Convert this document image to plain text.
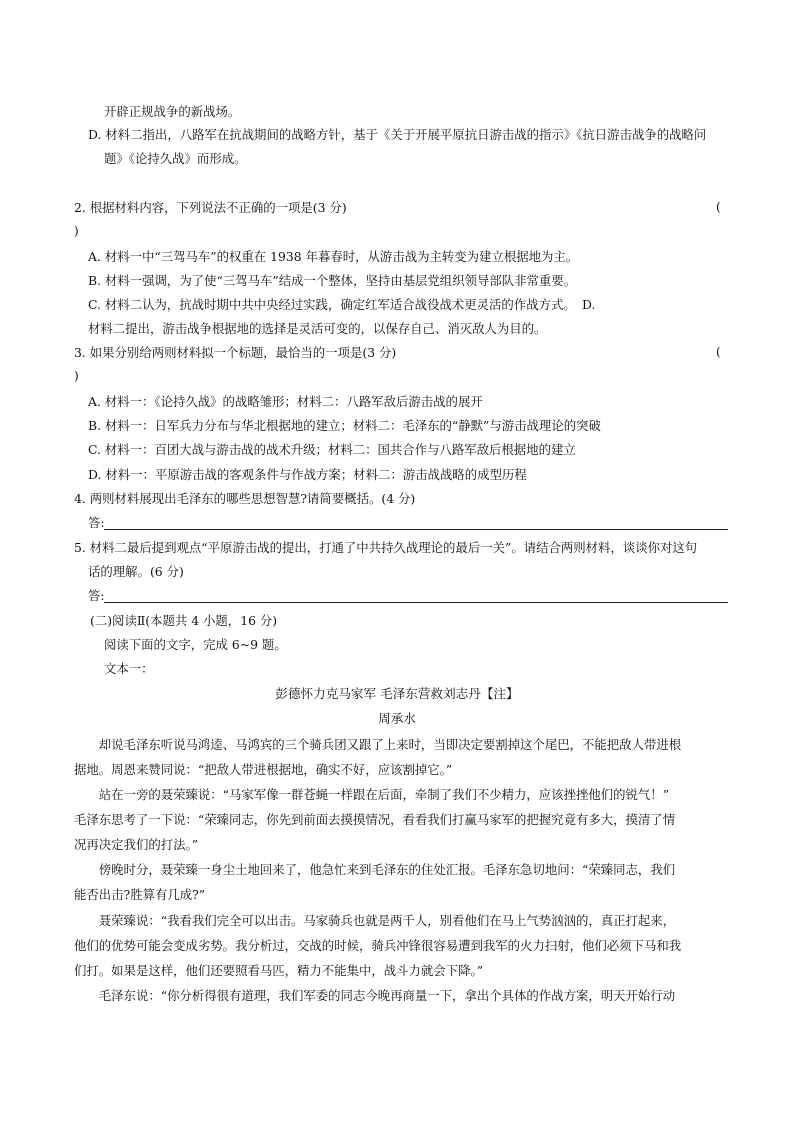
开辟正规战争的新战场。
D. 材料二指出，八路军在抗战期间的战略方针，基于《关于开展平原抗日游击战的指示》《抗日游击战争的战略问
题》《论持久战》而形成。
2. 根据材料内容，下列说法不正确的一项是(3 分)	(
)
A. 材料一中“三驾马车”的权重在 1938 年暮春时，从游击战为主转变为建立根据地为主。
B. 材料一强调，为了使“三驾马车”结成一个整体，坚持由基层党组织领导部队非常重要。
C. 材料二认为，抗战时期中共中央经过实践，确定红军适合战役战术更灵活的作战方式。　D.
材料二提出，游击战争根据地的选择是灵活可变的，以保存自己、消灭敌人为目的。
3. 如果分别给两则材料拟一个标题，最恰当的一项是(3 分)	(
)
A. 材料一：《论持久战》的战略雏形；材料二：八路军敌后游击战的展开
B. 材料一：日军兵力分布与华北根据地的建立；材料二：毛泽东的“静默”与游击战理论的突破
C. 材料一：百团大战与游击战的战术升级；材料二：国共合作与八路军敌后根据地的建立
D. 材料一：平原游击战的客观条件与作战方案；材料二：游击战战略的成型历程
4. 两则材料展现出毛泽东的哪些思想智慧?请简要概括。(4 分)
答:
5. 材料二最后提到观点“平原游击战的提出，打通了中共持久战理论的最后一关”。请结合两则材料，谈谈你对这句
话的理解。(6 分)
答:
(二)阅读Ⅱ(本题共 4 小题，16 分)
阅读下面的文字，完成 6~9 题。
文本一：
彭德怀力克马家军 毛泽东营救刘志丹【注】
周承水
　　却说毛泽东听说马鸿逵、马鸿宾的三个骑兵团又跟了上来时，当即决定要割掉这个尾巴，不能把敌人带进根
据地。周恩来赞同说：“把敌人带进根据地，确实不好，应该割掉它。”
　　站在一旁的聂荣臻说：“马家军像一群苍蝇一样跟在后面，牵制了我们不少精力，应该挫挫他们的锐气！”
毛泽东思考了一下说：“荣臻同志，你先到前面去摸摸情况，看看我们打赢马家军的把握究竟有多大，摸清了情
况再决定我们的打法。”
　　傍晚时分，聂荣臻一身尘土地回来了，他急忙来到毛泽东的住处汇报。毛泽东急切地问：“荣臻同志，我们
能否出击?胜算有几成?”
　　聂荣臻说：“我看我们完全可以出击。马家骑兵也就是两千人，别看他们在马上气势汹汹的，真正打起来，
他们的优势可能会变成劣势。我分析过，交战的时候，骑兵冲锋很容易遭到我军的火力扫射，他们必须下马和我
们打。如果是这样，他们还要照看马匹，精力不能集中，战斗力就会下降。”
　　毛泽东说：“你分析得很有道理，我们军委的同志今晚再商量一下，拿出个具体的作战方案，明天开始行动
